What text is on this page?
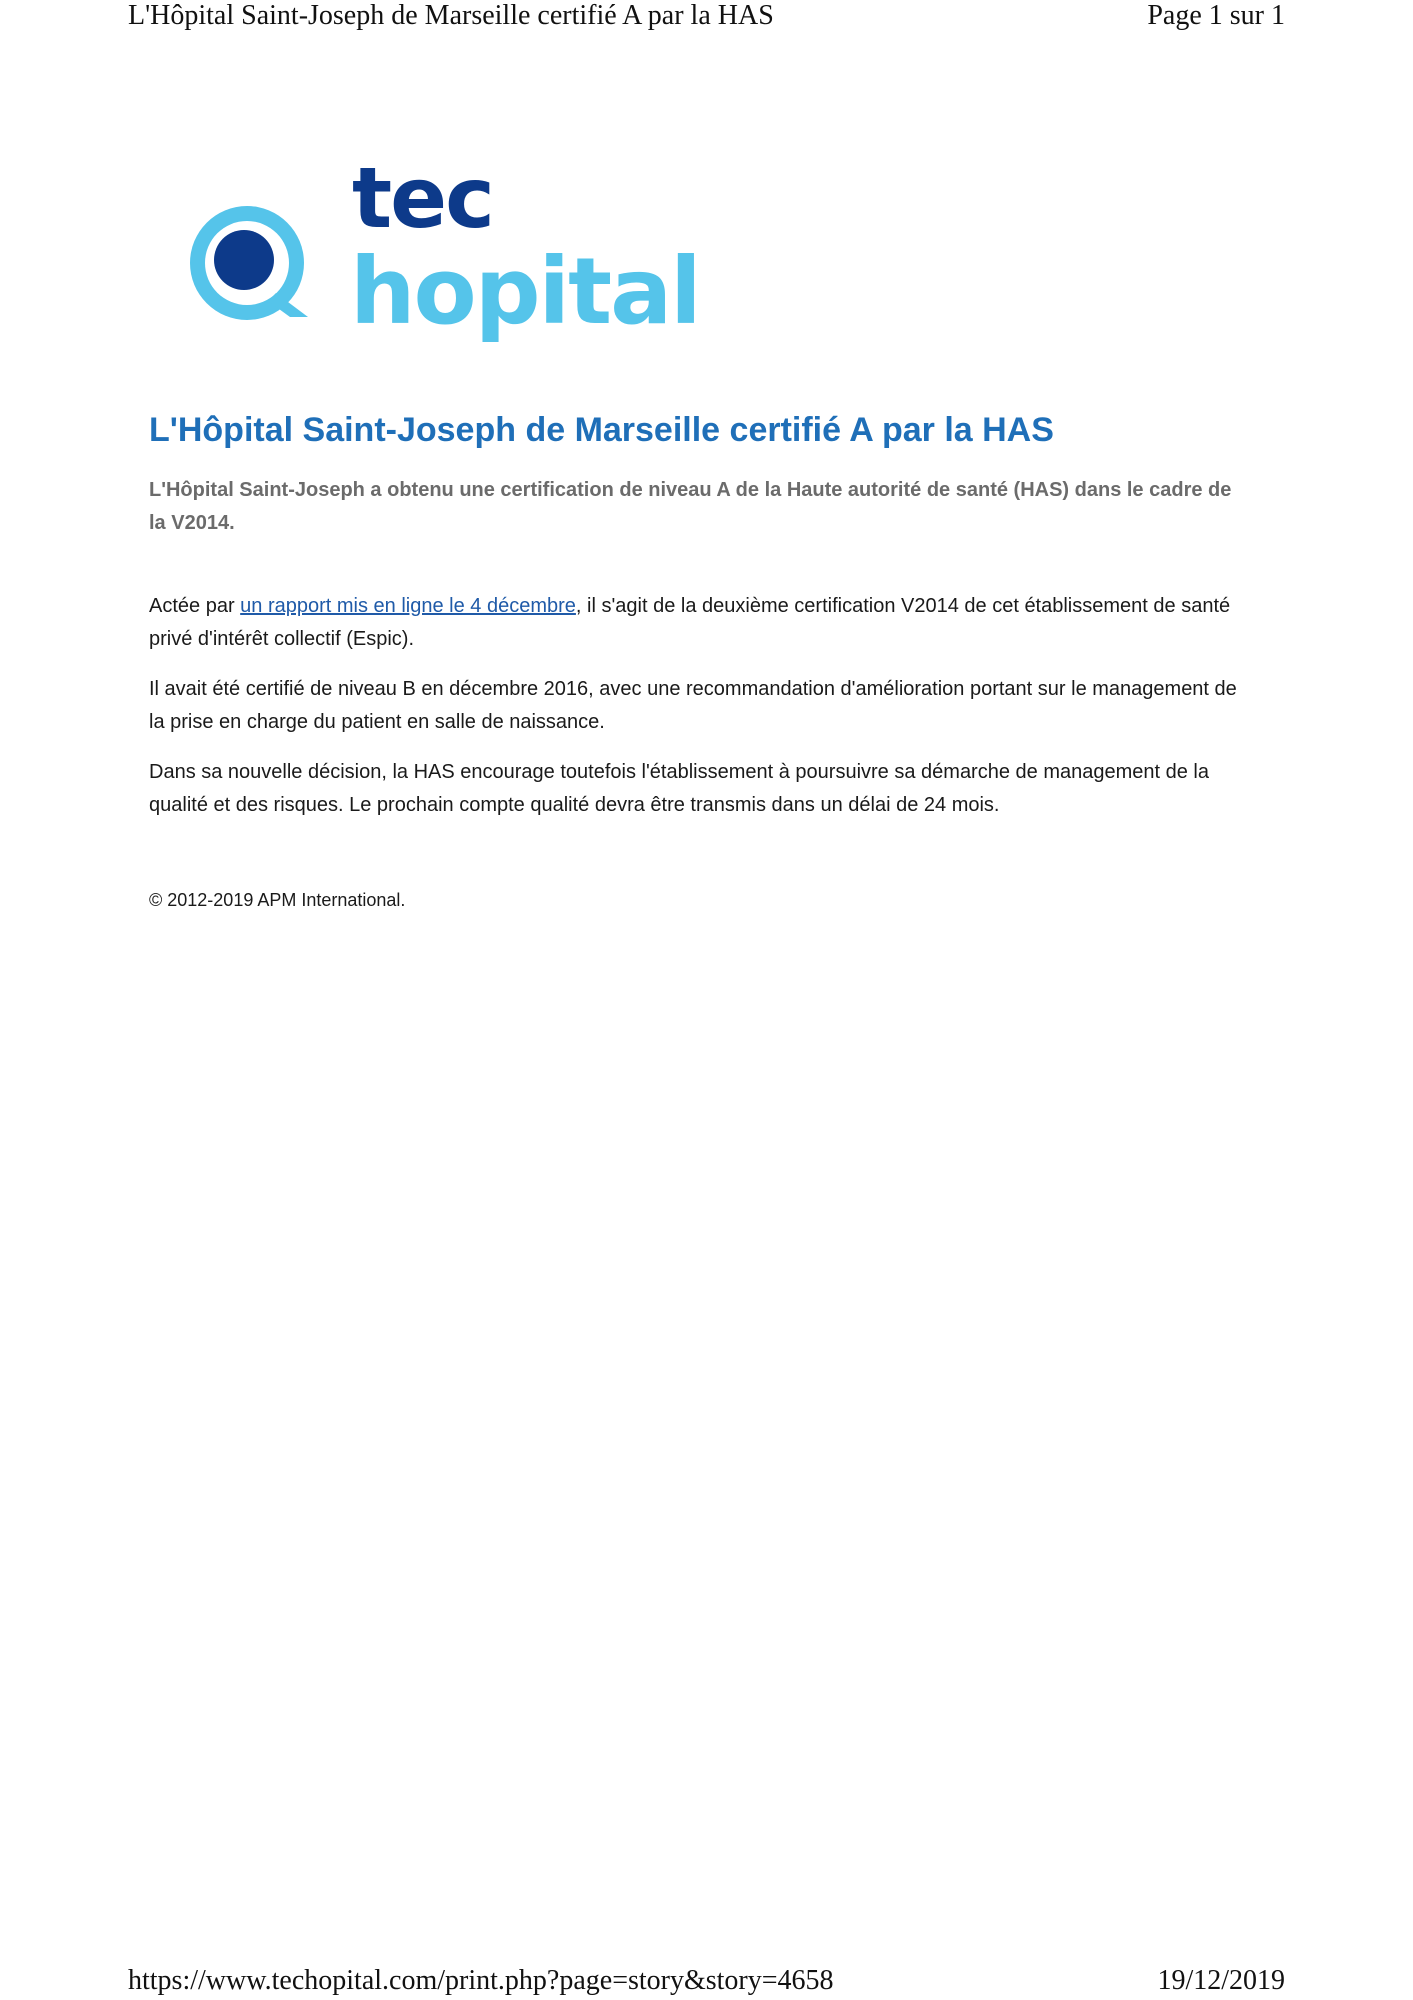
L'Hôpital Saint-Joseph de Marseille certifié A par la HAS	Page 1 sur 1
tec
hopital
L'Hôpital Saint-Joseph de Marseille certifié A par la HAS
L'Hôpital Saint-Joseph a obtenu une certification de niveau A de la Haute autorité de santé (HAS) dans le cadre de la V2014.

Actée par un rapport mis en ligne le 4 décembre, il s'agit de la deuxième certification V2014 de cet établissement de santé privé d'intérêt collectif (Espic).

Il avait été certifié de niveau B en décembre 2016, avec une recommandation d'amélioration portant sur le management de la prise en charge du patient en salle de naissance.

Dans sa nouvelle décision, la HAS encourage toutefois l'établissement à poursuivre sa démarche de management de la qualité et des risques. Le prochain compte qualité devra être transmis dans un délai de 24 mois.

© 2012-2019 APM International.
https://www.techopital.com/print.php?page=story&story=4658	19/12/2019
